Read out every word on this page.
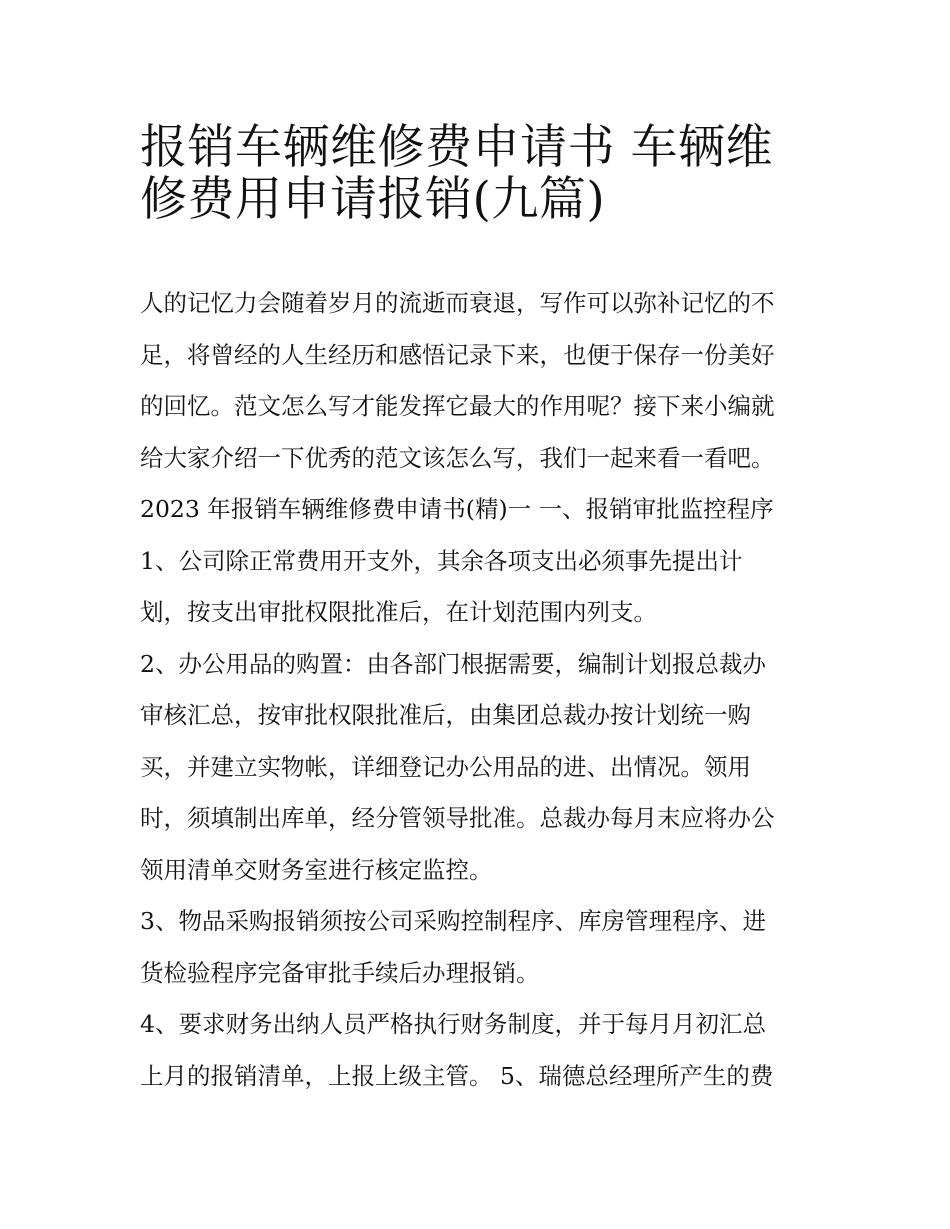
报销车辆维修费申请书 车辆维
修费用申请报销(九篇)
人的记忆力会随着岁月的流逝而衰退，写作可以弥补记忆的不
足，将曾经的人生经历和感悟记录下来，也便于保存一份美好
的回忆。范文怎么写才能发挥它最大的作用呢？接下来小编就
给大家介绍一下优秀的范文该怎么写，我们一起来看一看吧。
2023 年报销车辆维修费申请书(精)一 一、报销审批监控程序
1、公司除正常费用开支外，其余各项支出必须事先提出计
划，按支出审批权限批准后，在计划范围内列支。
2、办公用品的购置：由各部门根据需要，编制计划报总裁办
审核汇总，按审批权限批准后，由集团总裁办按计划统一购
买，并建立实物帐，详细登记办公用品的进、出情况。领用
时，须填制出库单，经分管领导批准。总裁办每月末应将办公
领用清单交财务室进行核定监控。
3、物品采购报销须按公司采购控制程序、库房管理程序、进
货检验程序完备审批手续后办理报销。
4、要求财务出纳人员严格执行财务制度，并于每月月初汇总
上月的报销清单，上报上级主管。 5、瑞德总经理所产生的费
